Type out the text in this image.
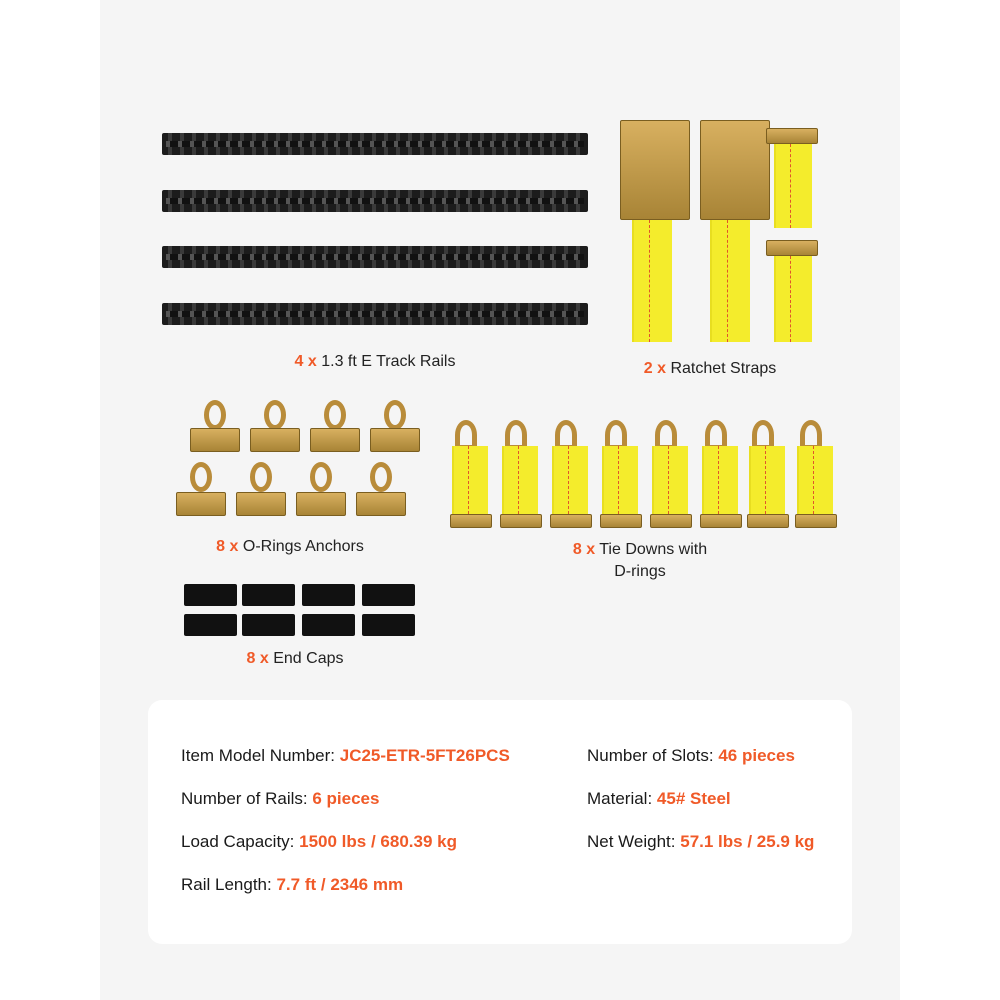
4 x 1.3 ft E Track Rails	2 x Ratchet Straps
8 x O-Rings Anchors	8 x Tie Downs with
D-rings
8 x End Caps
Item Model Number: JC25-ETR-5FT26PCS
Number of Rails: 6 pieces
Load Capacity: 1500 lbs / 680.39 kg
Rail Length: 7.7 ft / 2346 mm
Number of Slots: 46 pieces
Material: 45# Steel
Net Weight: 57.1 lbs / 25.9 kg
